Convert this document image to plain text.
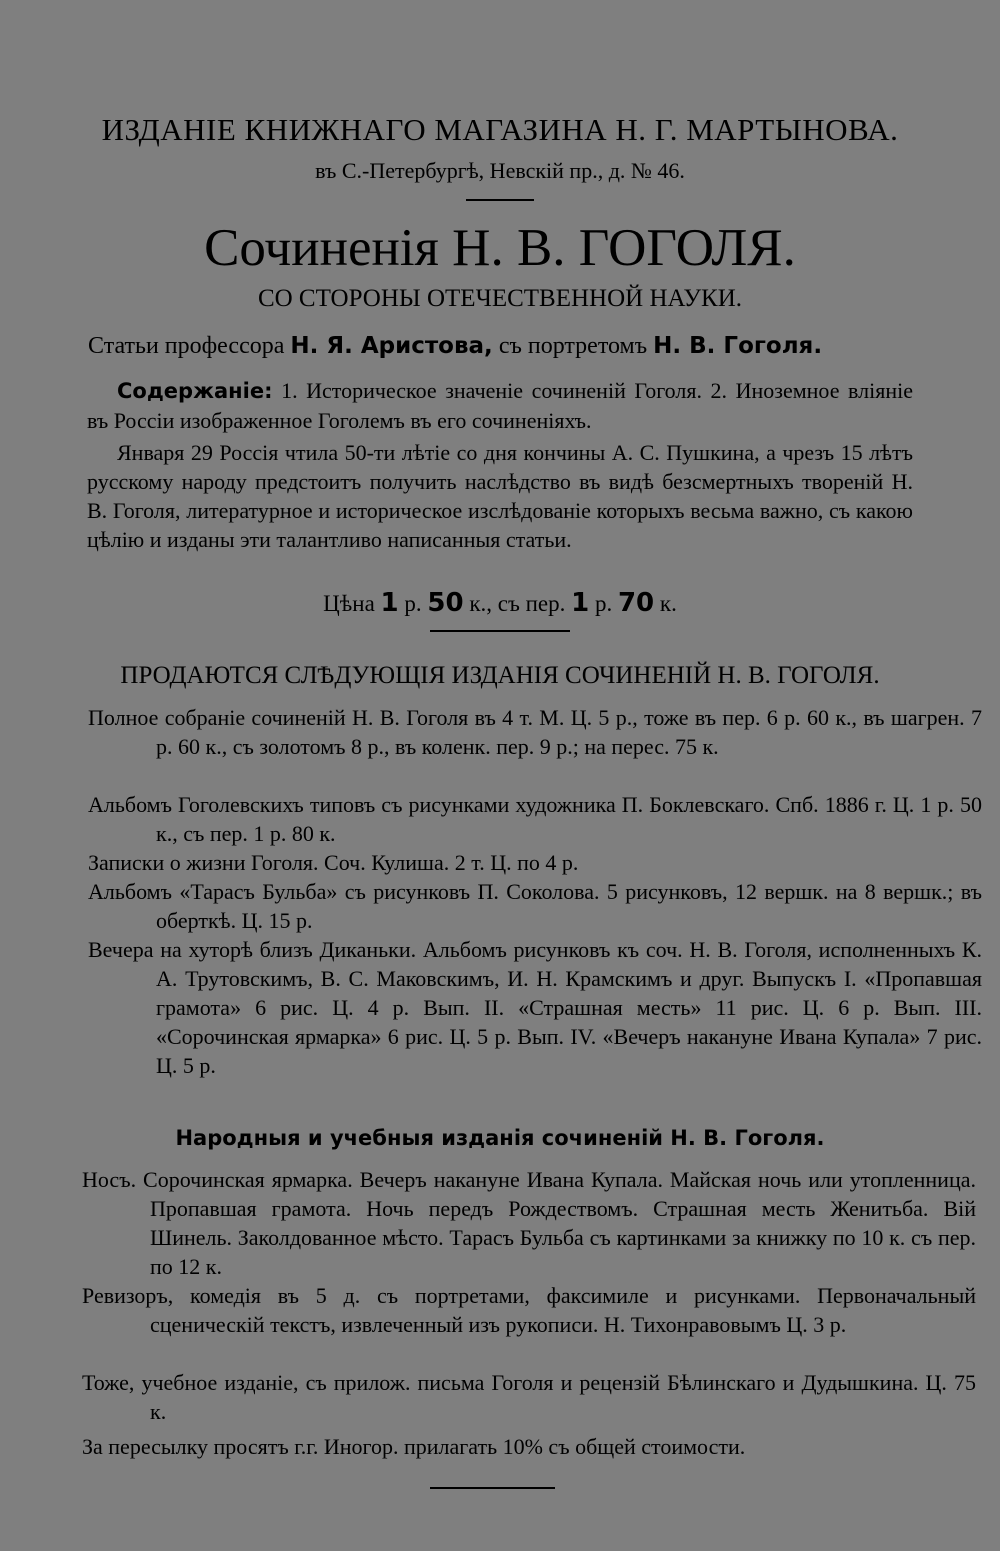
ИЗДАНІЕ КНИЖНАГО МАГАЗИНА Н. Г. МАРТЫНОВА.
въ С.-Петербургѣ, Невскій пр., д. № 46.
Сочиненія Н. В. ГОГОЛЯ.
СО СТОРОНЫ ОТЕЧЕСТВЕННОЙ НАУКИ.
Статьи профессора Н. Я. Аристова, съ портретомъ Н. В. Гоголя.
Содержаніе: 1. Историческое значеніе сочиненій Гоголя. 2. Иноземное вліяніе въ Россіи изображенное Гоголемъ въ его сочиненіяхъ.
Января 29 Россія чтила 50-ти лѣтіе со дня кончины А. С. Пушкина, а чрезъ 15 лѣтъ русскому народу предстоитъ получить наслѣдство въ видѣ безсмертныхъ твореній Н. В. Гоголя, литературное и историческое изслѣдованіе которыхъ весьма важно, съ какою цѣлію и изданы эти талантливо написанныя статьи.
Цѣна 1 р. 50 к., съ пер. 1 р. 70 к.
ПРОДАЮТСЯ СЛѢДУЮЩІЯ ИЗДАНІЯ СОЧИНЕНІЙ Н. В. ГОГОЛЯ.
Полное собраніе сочиненій Н. В. Гоголя въ 4 т. М. Ц. 5 р., тоже въ пер. 6 р. 60 к., въ шагрен. 7 р. 60 к., съ золотомъ 8 р., въ коленк. пер. 9 р.; на перес. 75 к.
Альбомъ Гоголевскихъ типовъ съ рисунками художника П. Боклевскаго. Спб. 1886 г. Ц. 1 р. 50 к., съ пер. 1 р. 80 к.
Записки о жизни Гоголя. Соч. Кулиша. 2 т. Ц. по 4 р.
Альбомъ «Тарасъ Бульба» съ рисунковъ П. Соколова. 5 рисунковъ, 12 вершк. на 8 вершк.; въ оберткѣ. Ц. 15 р.
Вечера на хуторѣ близъ Диканьки. Альбомъ рисунковъ къ соч. Н. В. Гоголя, исполненныхъ К. А. Трутовскимъ, В. С. Маковскимъ, И. Н. Крамскимъ и друг. Выпускъ I. «Пропавшая грамота» 6 рис. Ц. 4 р. Вып. II. «Страшная месть» 11 рис. Ц. 6 р. Вып. III. «Сорочинская ярмарка» 6 рис. Ц. 5 р. Вып. IV. «Вечеръ накануне Ивана Купала» 7 рис. Ц. 5 р.
Народныя и учебныя изданія сочиненій Н. В. Гоголя.
Носъ. Сорочинская ярмарка. Вечеръ накануне Ивана Купала. Майская ночь или утопленница. Пропавшая грамота. Ночь передъ Рождествомъ. Страшная месть Женитьба. Вій Шинель. Заколдованное мѣсто. Тарасъ Бульба съ картинками за книжку по 10 к. съ пер. по 12 к.
Ревизоръ, комедія въ 5 д. съ портретами, факсимиле и рисунками. Первоначальный сценическій текстъ, извлеченный изъ рукописи. Н. Тихонравовымъ Ц. 3 р.
Тоже, учебное изданіе, съ прилож. письма Гоголя и рецензій Бѣлинскаго и Дудышкина. Ц. 75 к.
За пересылку просятъ г.г. Иногор. прилагать 10% съ общей стоимости.
